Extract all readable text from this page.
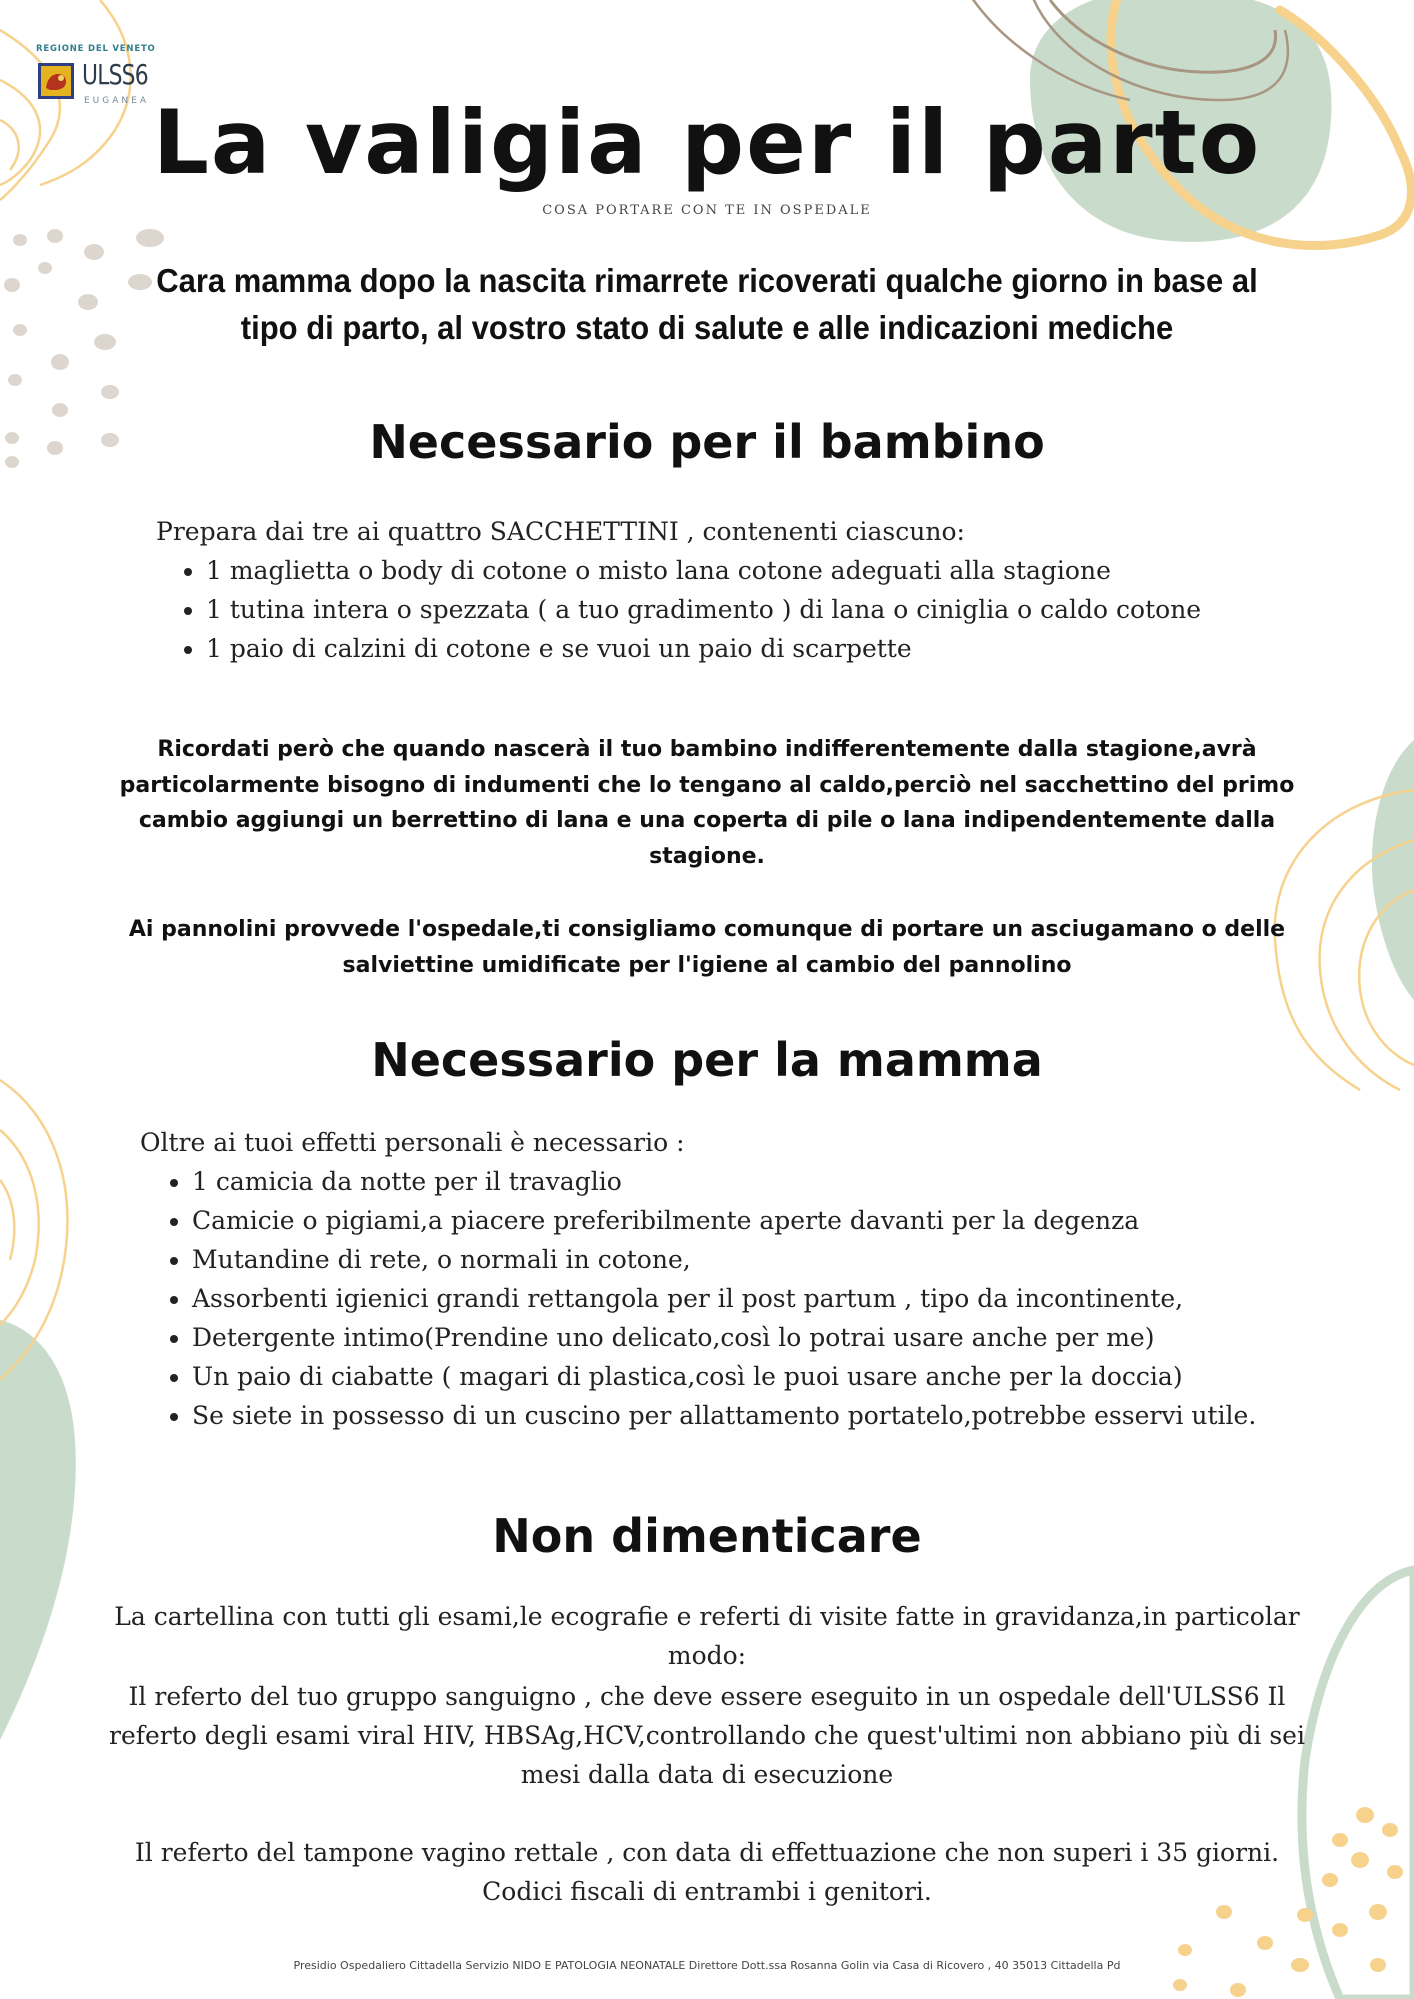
REGIONE DEL VENETO
ULSS6
EUGANEA La valigia per il parto
COSA PORTARE CON TE IN OSPEDALE
Cara mamma dopo la nascita rimarrete ricoverati qualche giorno in base al tipo di parto, al vostro stato di salute e alle indicazioni mediche
Necessario per il bambino
Prepara dai tre ai quattro SACCHETTINI , contenenti ciascuno:
• 1 maglietta o body di cotone o misto lana cotone adeguati alla stagione
• 1 tutina intera o spezzata ( a tuo gradimento ) di lana o ciniglia o caldo cotone
• 1 paio di calzini di cotone e se vuoi un paio di scarpette
Ricordati però che quando nascerà il tuo bambino indifferentemente dalla stagione,avrà particolarmente bisogno di indumenti che lo tengano al caldo,perciò nel sacchettino del primo cambio aggiungi un berrettino di lana e una coperta di pile o lana indipendentemente dalla stagione.
Ai pannolini provvede l'ospedale,ti consigliamo comunque di portare un asciugamano o delle salviettine umidificate per l'igiene al cambio del pannolino
Necessario per la mamma
Oltre ai tuoi effetti personali è necessario :
• 1 camicia da notte per il travaglio
• Camicie o pigiami,a piacere preferibilmente aperte davanti per la degenza
• Mutandine di rete, o normali in cotone,
• Assorbenti igienici grandi rettangola per il post partum , tipo da incontinente,
• Detergente intimo(Prendine uno delicato,così lo potrai usare anche per me)
• Un paio di ciabatte ( magari di plastica,così le puoi usare anche per la doccia)
• Se siete in possesso di un cuscino per allattamento portatelo,potrebbe esservi utile.
Non dimenticare
La cartellina con tutti gli esami,le ecografie e referti di visite fatte in gravidanza,in particolar modo:
Il referto del tuo gruppo sanguigno , che deve essere eseguito in un ospedale dell'ULSS6 Il referto degli esami viral HIV, HBSAg,HCV,controllando che quest'ultimi non abbiano più di sei mesi dalla data di esecuzione
Il referto del tampone vagino rettale , con data di effettuazione che non superi i 35 giorni.
Codici fiscali di entrambi i genitori.
Presidio Ospedaliero Cittadella Servizio NIDO E PATOLOGIA NEONATALE Direttore Dott.ssa Rosanna Golin via Casa di Ricovero , 40 35013 Cittadella Pd
